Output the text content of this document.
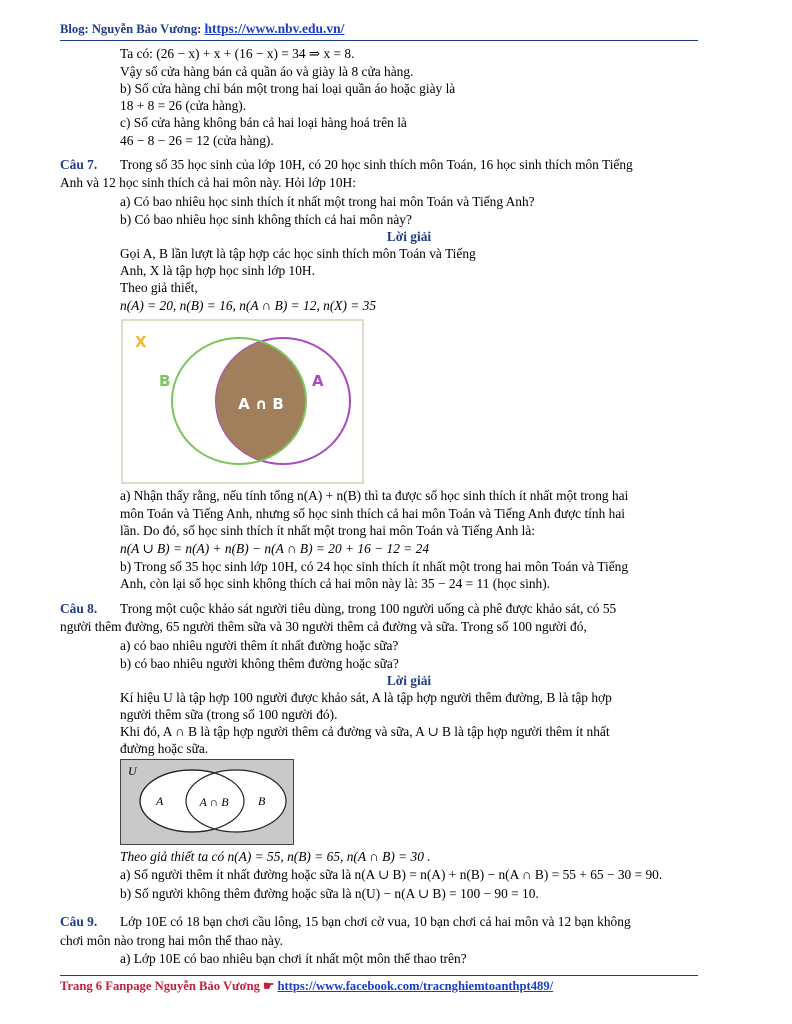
Blog: Nguyễn Bảo Vương: https://www.nbv.edu.vn/
Ta có: (26 − x) + x + (16 − x) = 34 ⇒ x = 8.
Vậy số cửa hàng bán cả quần áo và giày là 8 cửa hàng.
b) Số cửa hàng chỉ bán một trong hai loại quần áo hoặc giày là
18 + 8 = 26 (cửa hàng).
c) Số cửa hàng không bán cả hai loại hàng hoá trên là
46 − 8 − 26 = 12 (cửa hàng).
Câu 7. Trong số 35 học sinh của lớp 10H, có 20 học sinh thích môn Toán, 16 học sinh thích môn Tiếng
Anh và 12 học sinh thích cả hai môn này. Hỏi lớp 10H:
a) Có bao nhiêu học sinh thích ít nhất một trong hai môn Toán và Tiếng Anh?
b) Có bao nhiêu học sinh không thích cả hai môn này?
Lời giải
Gọi A, B lần lượt là tập hợp các học sinh thích môn Toán và Tiếng
Anh, X là tập hợp học sinh lớp 10H.
Theo giả thiết,
n(A) = 20, n(B) = 16, n(A ∩ B) = 12, n(X) = 35
X
B	A
A ∩ B
a) Nhận thấy rằng, nếu tính tổng n(A) + n(B) thì ta được số học sinh thích ít nhất một trong hai
môn Toán và Tiếng Anh, nhưng số học sinh thích cả hai môn Toán và Tiếng Anh được tính hai
lần. Do đó, số học sinh thích ít nhất một trong hai môn Toán và Tiếng Anh là:
n(A ∪ B) = n(A) + n(B) − n(A ∩ B) = 20 + 16 − 12 = 24
b) Trong số 35 học sinh lớp 10H, có 24 học sinh thích ít nhất một trong hai môn Toán và Tiếng
Anh, còn lại số học sinh không thích cả hai môn này là: 35 − 24 = 11 (học sinh).
Câu 8. Trong một cuộc khảo sát người tiêu dùng, trong 100 người uống cà phê được khảo sát, có 55
người thêm đường, 65 người thêm sữa và 30 người thêm cả đường và sữa. Trong số 100 người đó,
a) có bao nhiêu người thêm ít nhất đường hoặc sữa?
b) có bao nhiêu người không thêm đường hoặc sữa?
Lời giải
Kí hiệu U là tập hợp 100 người được khảo sát, A là tập hợp người thêm đường, B là tập hợp
người thêm sữa (trong số 100 người đó).
Khi đó, A ∩ B là tập hợp người thêm cả đường và sữa, A ∪ B là tập hợp người thêm ít nhất
đường hoặc sữa.
U
A	B
A ∩ B
Theo giả thiết ta có n(A) = 55, n(B) = 65, n(A ∩ B) = 30 .
a) Số người thêm ít nhất đường hoặc sữa là n(A ∪ B) = n(A) + n(B) − n(A ∩ B) = 55 + 65 − 30 = 90.
b) Số người không thêm đường hoặc sữa là n(U) − n(A ∪ B) = 100 − 90 = 10.
Câu 9. Lớp 10E có 18 bạn chơi cầu lông, 15 bạn chơi cờ vua, 10 bạn chơi cả hai môn và 12 bạn không
chơi môn nào trong hai môn thể thao này.
a) Lớp 10E có bao nhiêu bạn chơi ít nhất một môn thể thao trên?
Trang 6 Fanpage Nguyễn Bảo Vương ☛ https://www.facebook.com/tracnghiemtoanthpt489/
